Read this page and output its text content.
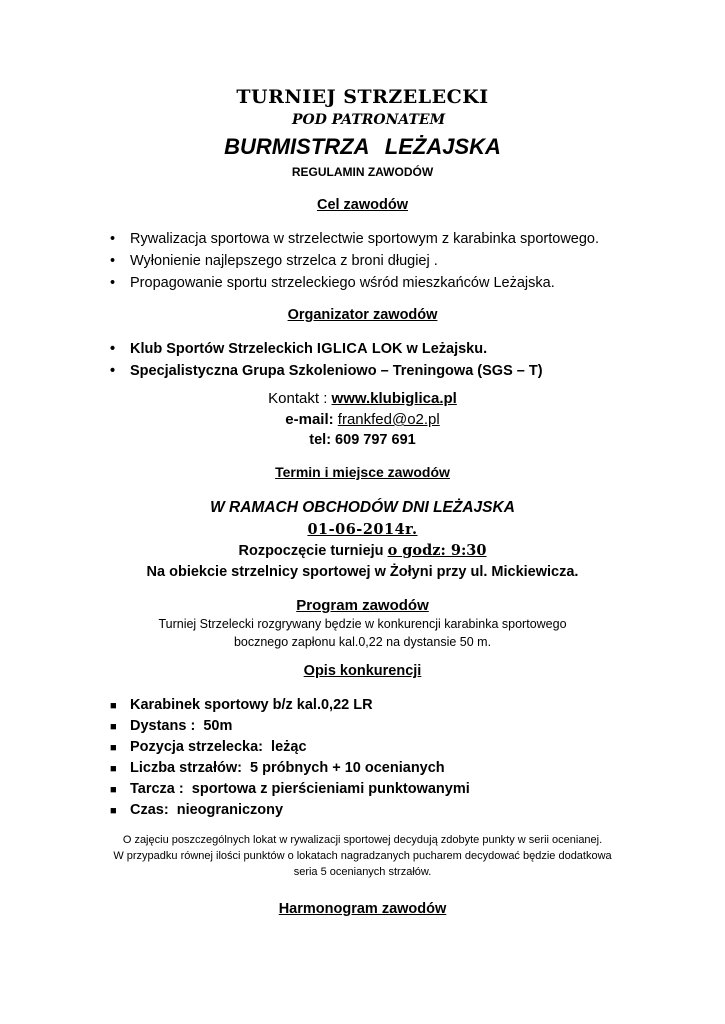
TURNIEJ STRZELECKI
POD PATRONATEM
BURMISTRZA LEŻAJSKA
REGULAMIN ZAWODÓW
Cel zawodów
• Rywalizacja sportowa w strzelectwie sportowym z karabinka sportowego.
• Wyłonienie najlepszego strzelca z broni długiej .
• Propagowanie sportu strzeleckiego wśród mieszkańców Leżajska.
Organizator zawodów
• Klub Sportów Strzeleckich IGLICA LOK w Leżajsku.
• Specjalistyczna Grupa Szkoleniowo – Treningowa (SGS – T)
Kontakt : www.klubiglica.pl
e-mail: frankfed@o2.pl
tel: 609 797 691
Termin i miejsce zawodów
W RAMACH OBCHODÓW DNI LEŻAJSKA
01-06-2014r.
Rozpoczęcie turnieju o godz: 9:30
Na obiekcie strzelnicy sportowej w Żołyni przy ul. Mickiewicza.
Program zawodów
Turniej Strzelecki rozgrywany będzie w konkurencji karabinka sportowego
bocznego zapłonu kal.0,22 na dystansie 50 m.
Opis konkurencji
■ Karabinek sportowy b/z kal.0,22 LR
■ Dystans :  50m
■ Pozycja strzelecka:  leżąc
■ Liczba strzałów:  5 próbnych + 10 ocenianych
■ Tarcza :  sportowa z pierścieniami punktowanymi
■ Czas:  nieograniczony
O zajęciu poszczególnych lokat w rywalizacji sportowej decydują zdobyte punkty w serii ocenianej.
W przypadku równej ilości punktów o lokatach nagradzanych pucharem decydować będzie dodatkowa
seria 5 ocenianych strzałów.
Harmonogram zawodów
